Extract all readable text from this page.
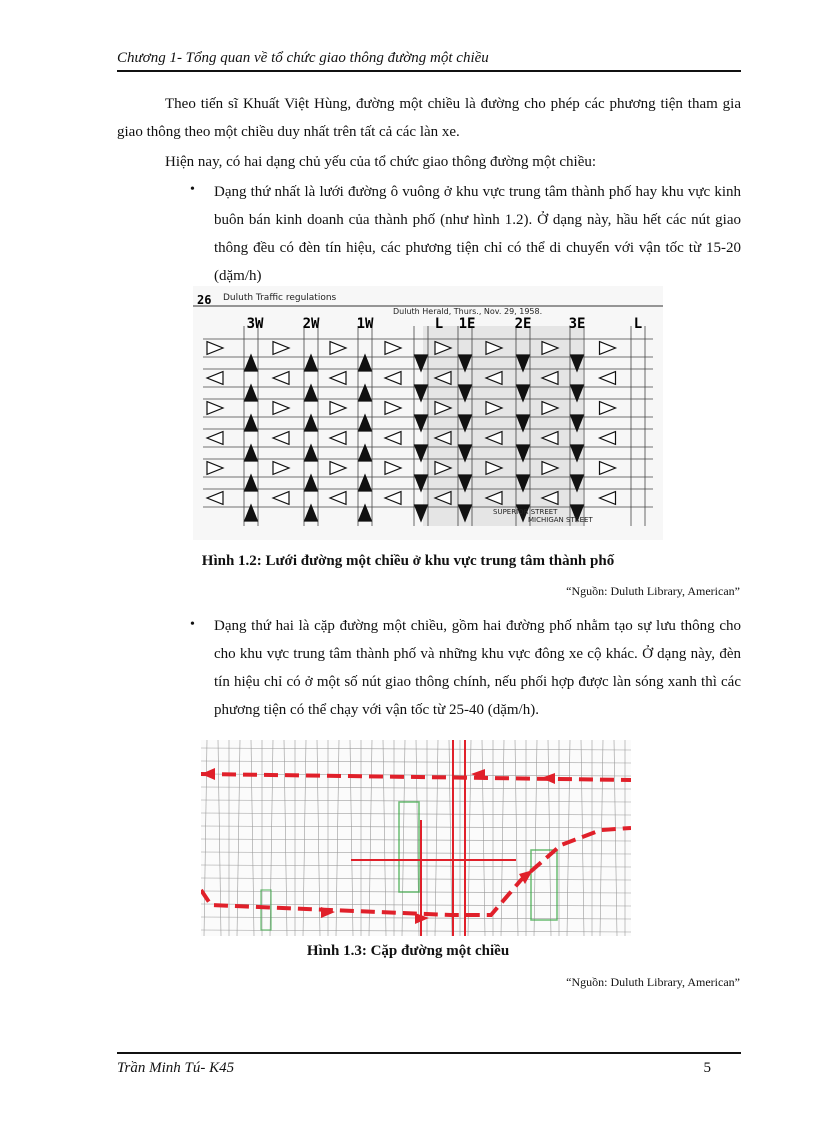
Chương 1- Tổng quan về tổ chức giao thông đường một chiều
Theo tiến sĩ Khuất Việt Hùng, đường một chiều là đường cho phép các phương tiện tham gia giao thông theo một chiều duy nhất trên tất cả các làn xe.
Hiện nay, có hai dạng chủ yếu của tổ chức giao thông đường một chiều:
• Dạng thứ nhất là lưới đường ô vuông ở khu vực trung tâm thành phố hay khu vực kinh buôn bán kinh doanh của thành phố (như hình 1.2). Ở dạng này, hầu hết các nút giao thông đều có đèn tín hiệu, các phương tiện chỉ có thể di chuyển với vận tốc từ 15-20 (dặm/h)
26 Duluth Traffic regulations
Duluth Herald, Thurs., Nov. 29, 1958.
3W	2W	1W	L 1E	2E	3E	L
SUPERIOR STREET
MICHIGAN STREET
Hình 1.2: Lưới đường một chiều ở khu vực trung tâm thành phố
“Nguồn: Duluth Library, American”
• Dạng thứ hai là cặp đường một chiều, gồm hai đường phố nhằm tạo sự lưu thông cho cho khu vực trung tâm thành phố và những khu vực đông xe cộ khác. Ở dạng này, đèn tín hiệu chỉ có ở một số nút giao thông chính, nếu phối hợp được làn sóng xanh thì các phương tiện có thể chạy với vận tốc từ 25-40 (dặm/h).
Hình 1.3: Cặp đường một chiều
“Nguồn: Duluth Library, American”
Trần Minh Tú- K45	5
